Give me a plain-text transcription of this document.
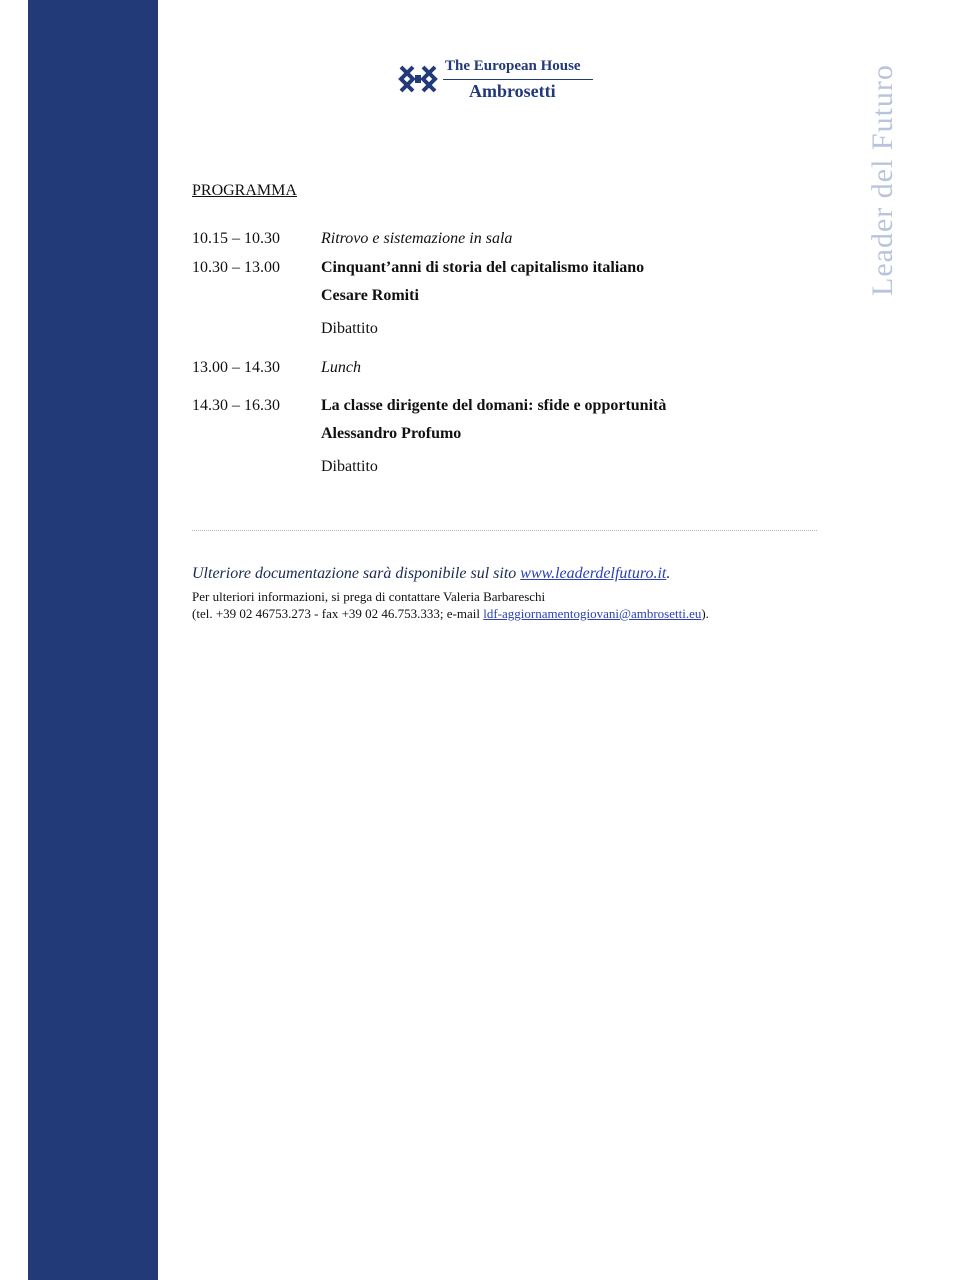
The European House
Ambrosetti	Leader del Futuro
PROGRAMMA
10.15 – 10.30	Ritrovo e sistemazione in sala
10.30 – 13.00	Cinquant’anni di storia del capitalismo italiano
Cesare Romiti
Dibattito
13.00 – 14.30	Lunch
14.30 – 16.30	La classe dirigente del domani: sfide e opportunità
Alessandro Profumo
Dibattito
Ulteriore documentazione sarà disponibile sul sito www.leaderdelfuturo.it.
Per ulteriori informazioni, si prega di contattare Valeria Barbareschi
(tel. +39 02 46753.273 - fax +39 02 46.753.333; e-mail ldf-aggiornamentogiovani@ambrosetti.eu).
